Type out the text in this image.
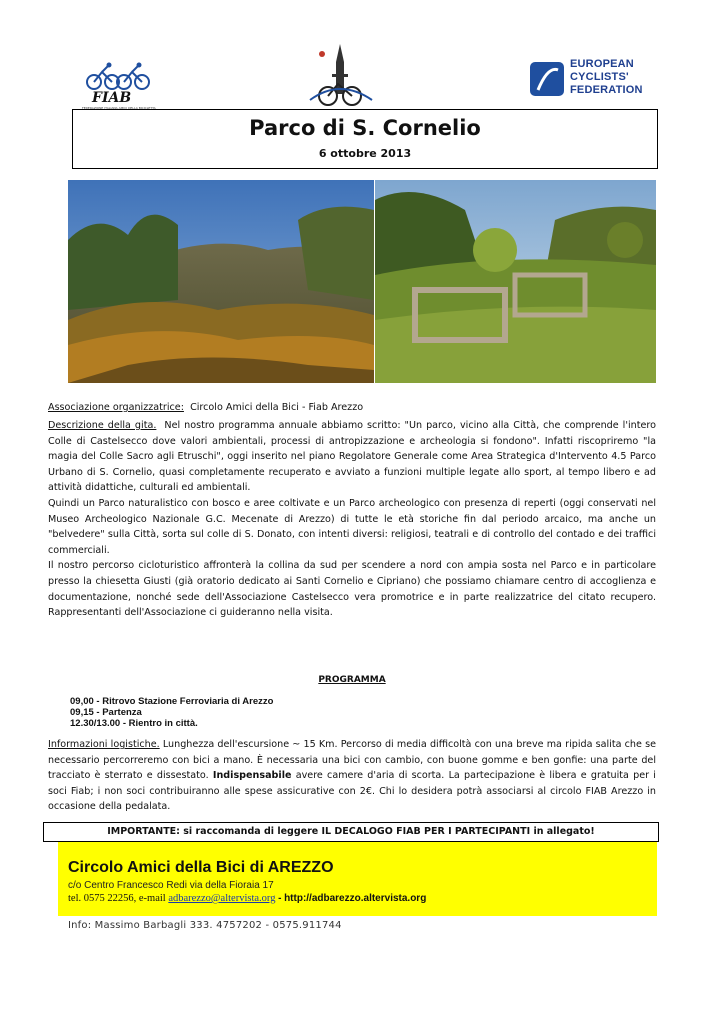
FIAB
FEDERAZIONE ITALIANA AMICI DELLA BICICLETTA
EUROPEAN
CYCLISTS'
FEDERATION
Parco di S. Cornelio
6 ottobre 2013
Associazione organizzatrice: Circolo Amici della Bici - Fiab Arezzo
Descrizione della gita. Nel nostro programma annuale abbiamo scritto: "Un parco, vicino alla Città, che comprende l'intero Colle di Castelsecco dove valori ambientali, processi di antropizzazione e archeologia si fondono". Infatti riscopriremo "la magia del Colle Sacro agli Etruschi", oggi inserito nel piano Regolatore Generale come Area Strategica d'Intervento 4.5 Parco Urbano di S. Cornelio, quasi completamente recuperato e avviato a funzioni multiple legate allo sport, al tempo libero e ad attività didattiche, culturali ed ambientali.
Quindi un Parco naturalistico con bosco e aree coltivate e un Parco archeologico con presenza di reperti (oggi conservati nel Museo Archeologico Nazionale G.C. Mecenate di Arezzo) di tutte le età storiche fin dal periodo arcaico, ma anche un "belvedere" sulla Città, sorta sul colle di S. Donato, con intenti diversi: religiosi, teatrali e di controllo del contado e dei traffici commerciali.
Il nostro percorso cicloturistico affronterà la collina da sud per scendere a nord con ampia sosta nel Parco e in particolare presso la chiesetta Giusti (già oratorio dedicato ai Santi Cornelio e Cipriano) che possiamo chiamare centro di accoglienza e documentazione, nonché sede dell'Associazione Castelsecco vera promotrice e in parte realizzatrice del citato recupero. Rappresentanti dell'Associazione ci guideranno nella visita.
PROGRAMMA
09,00 - Ritrovo Stazione Ferroviaria di Arezzo
09,15 - Partenza
12.30/13.00 - Rientro in città.
Informazioni logistiche. Lunghezza dell'escursione ~ 15 Km. Percorso di media difficoltà con una breve ma ripida salita che se necessario percorreremo con bici a mano. È necessaria una bici con cambio, con buone gomme e ben gonfie: una parte del tracciato è sterrato e dissestato. Indispensabile avere camere d'aria di scorta. La partecipazione è libera e gratuita per i soci Fiab; i non soci contribuiranno alle spese assicurative con 2€. Chi lo desidera potrà associarsi al circolo FIAB Arezzo in occasione della pedalata.
IMPORTANTE: si raccomanda di leggere IL DECALOGO FIAB PER I PARTECIPANTI in allegato!
Circolo Amici della Bici di AREZZO
c/o Centro Francesco Redi via della Fioraia 17
tel. 0575 22256, e-mail adbarezzo@altervista.org - http://adbarezzo.altervista.org
Info: Massimo Barbagli 333. 4757202 - 0575.911744
